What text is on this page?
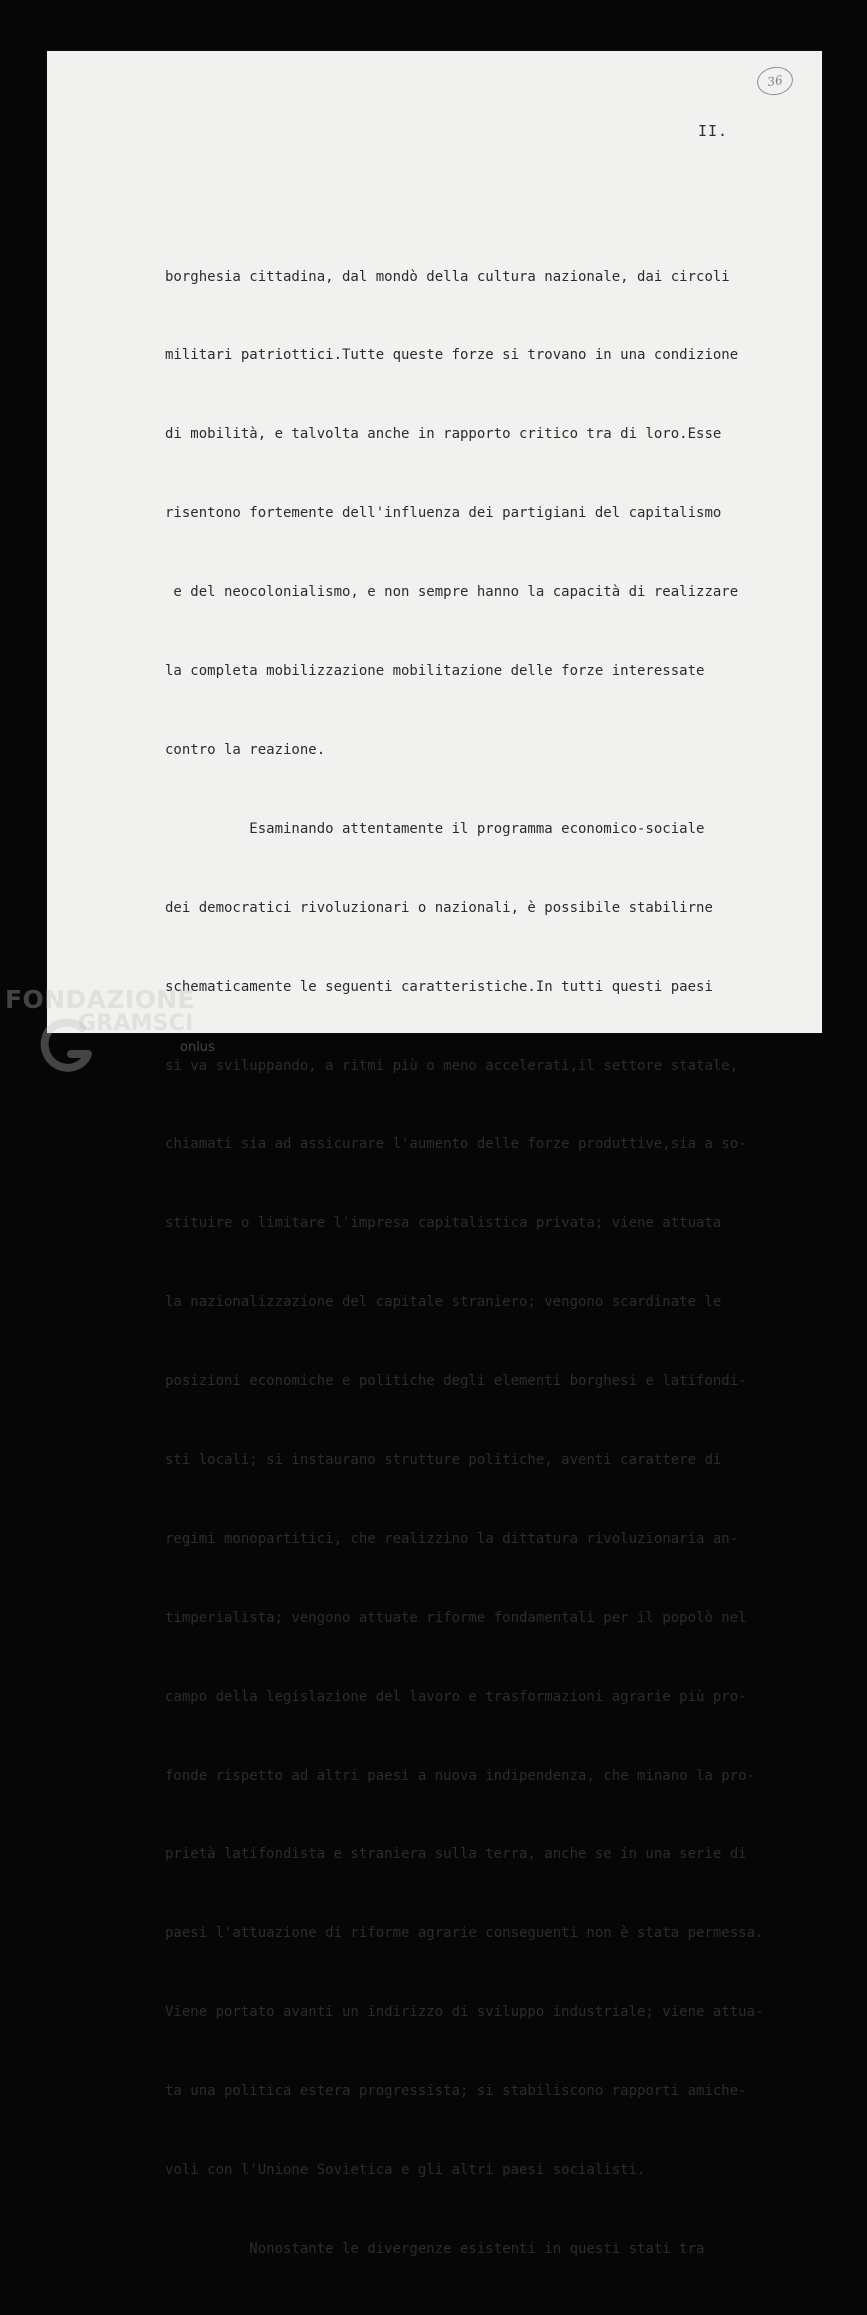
36
II.

borghesia cittadina, dal mondò della cultura nazionale, dai circoli

militari patriottici.Tutte queste forze si trovano in una condizione

di mobilità, e talvolta anche in rapporto critico tra di loro.Esse

risentono fortemente dell'influenza dei partigiani del capitalismo

e del neocolonialismo, e non sempre hanno la capacità di realizzare

la completa mobilizzazione mobilitazione delle forze interessate

contro la reazione.

Esaminando attentamente il programma economico-sociale

dei democratici rivoluzionari o nazionali, è possibile stabilirne

schematicamente le seguenti caratteristiche.In tutti questi paesi

si va sviluppando, a ritmi più o meno accelerati,il settore statale,

chiamati sia ad assicurare l'aumento delle forze produttive,sia a so-

stituire o limitare l'impresa capitalistica privata; viene attuata

la nazionalizzazione del capitale straniero; vengono scardinate le

posizioni economiche e politiche degli elementi borghesi e latifondi-

sti locali; si instaurano strutture politiche, aventi carattere di

regimi monopartitici, che realizzino la dittatura rivoluzionaria an-

timperialista; vengono attuate riforme fondamentali per il popolò nel

campo della legislazione del lavoro e trasformazioni agrarie più pro-

fonde rispetto ad altri paesi a nuova indipendenza, che minano la pro-

prietà latifondista e straniera sulla terra, anche se in una serie di

paesi l'attuazione di riforme agrarie conseguenti non è stata permessa.

Viene portato avanti un indirizzo di sviluppo industriale; viene attua-

ta una politica estera progressista; si stabiliscono rapporti amiche-

voli con l'Unione Sovietica e gli altri paesi socialisti.

Nonostante le divergenze esistenti in questi stati tra

FONDAZIONE
GRAMSCI
onlus
